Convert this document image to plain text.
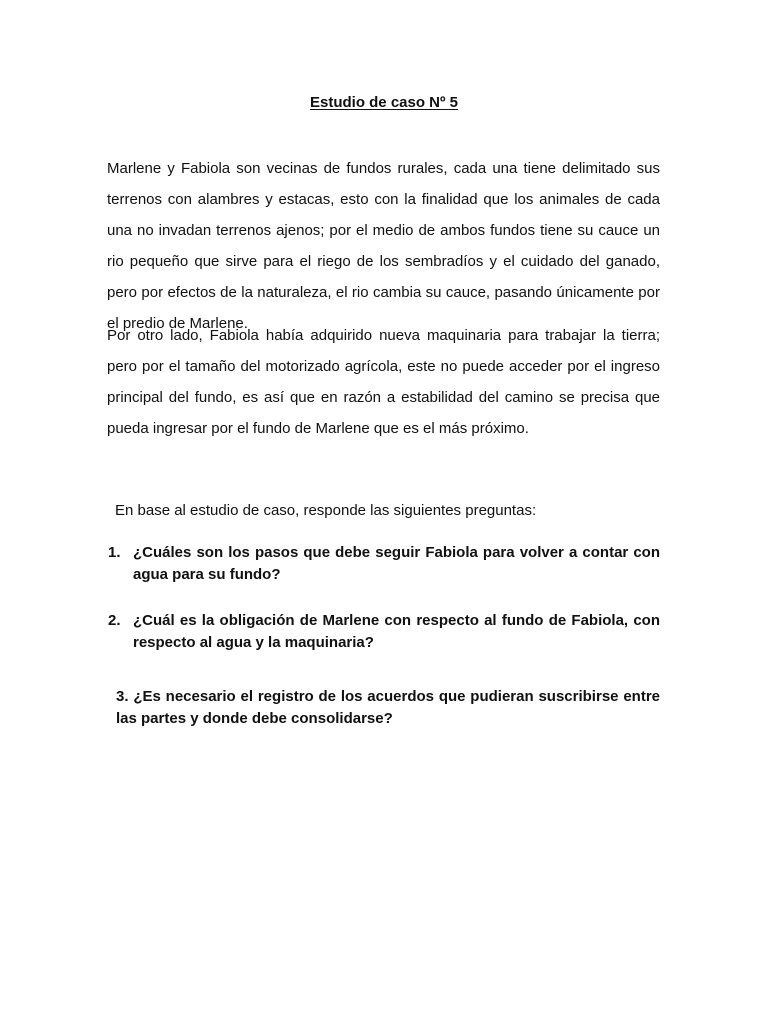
Estudio de caso Nº 5
Marlene y Fabiola son vecinas de fundos rurales, cada una tiene delimitado sus terrenos con alambres y estacas, esto con la finalidad que los animales de cada una no invadan terrenos ajenos; por el medio de ambos fundos tiene su cauce un rio pequeño que sirve para el riego de los sembradíos y el cuidado del ganado, pero por efectos de la naturaleza, el rio cambia su cauce, pasando únicamente por el predio de Marlene.
Por otro lado, Fabiola había adquirido nueva maquinaria para trabajar la tierra; pero por el tamaño del motorizado agrícola, este no puede acceder por el ingreso principal del fundo, es así que en razón a estabilidad del camino se precisa que pueda ingresar por el fundo de Marlene que es el más próximo.
En base al estudio de caso, responde las siguientes preguntas:
1. ¿Cuáles son los pasos que debe seguir Fabiola para volver a contar con agua para su fundo?
2. ¿Cuál es la obligación de Marlene con respecto al fundo de Fabiola, con respecto al agua y la maquinaria?
3. ¿Es necesario el registro de los acuerdos que pudieran suscribirse entre las partes y donde debe consolidarse?
